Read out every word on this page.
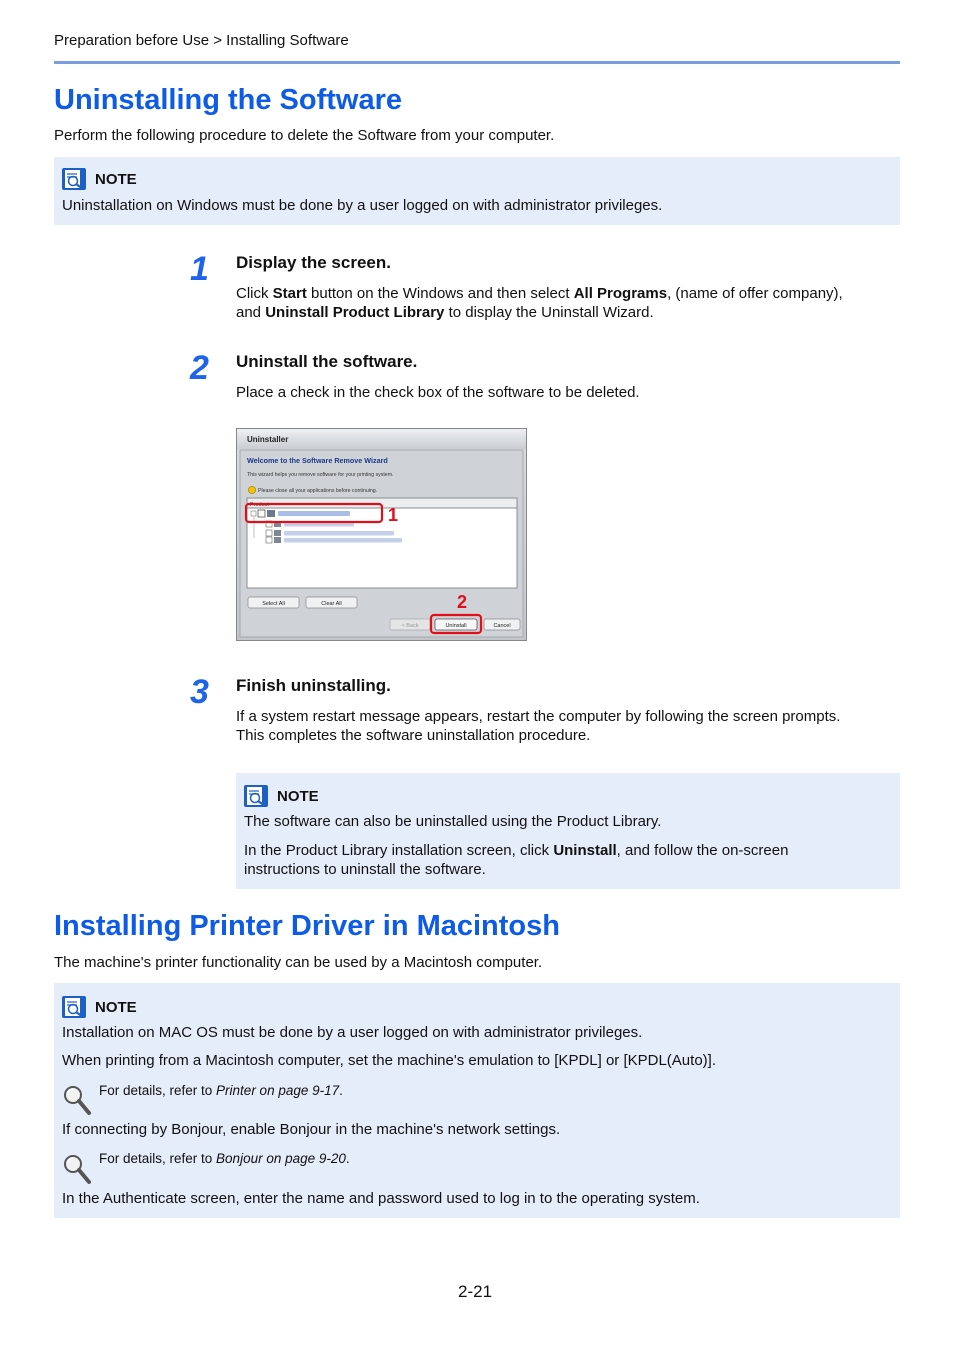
Preparation before Use > Installing Software
Uninstalling the Software
Perform the following procedure to delete the Software from your computer.
NOTE
Uninstallation on Windows must be done by a user logged on with administrator privileges.
1 Display the screen.
Click Start button on the Windows and then select All Programs, (name of offer company),
and Uninstall Product Library to display the Uninstall Wizard.
2 Uninstall the software.
Place a check in the check box of the software to be deleted.
Uninstaller
Welcome to the Software Remove Wizard
This wizard helps you remove software for your printing system.
Please close all your applications before continuing.
Product	1
Select All	Clear All	2
< Back	Uninstall	Cancel
3 Finish uninstalling.
If a system restart message appears, restart the computer by following the screen prompts.
This completes the software uninstallation procedure.
NOTE
The software can also be uninstalled using the Product Library.
In the Product Library installation screen, click Uninstall, and follow the on-screen
instructions to uninstall the software.
Installing Printer Driver in Macintosh
The machine's printer functionality can be used by a Macintosh computer.
NOTE
Installation on MAC OS must be done by a user logged on with administrator privileges.
When printing from a Macintosh computer, set the machine's emulation to [KPDL] or [KPDL(Auto)].
For details, refer to Printer on page 9-17.
If connecting by Bonjour, enable Bonjour in the machine's network settings.
For details, refer to Bonjour on page 9-20.
In the Authenticate screen, enter the name and password used to log in to the operating system.
2-21
